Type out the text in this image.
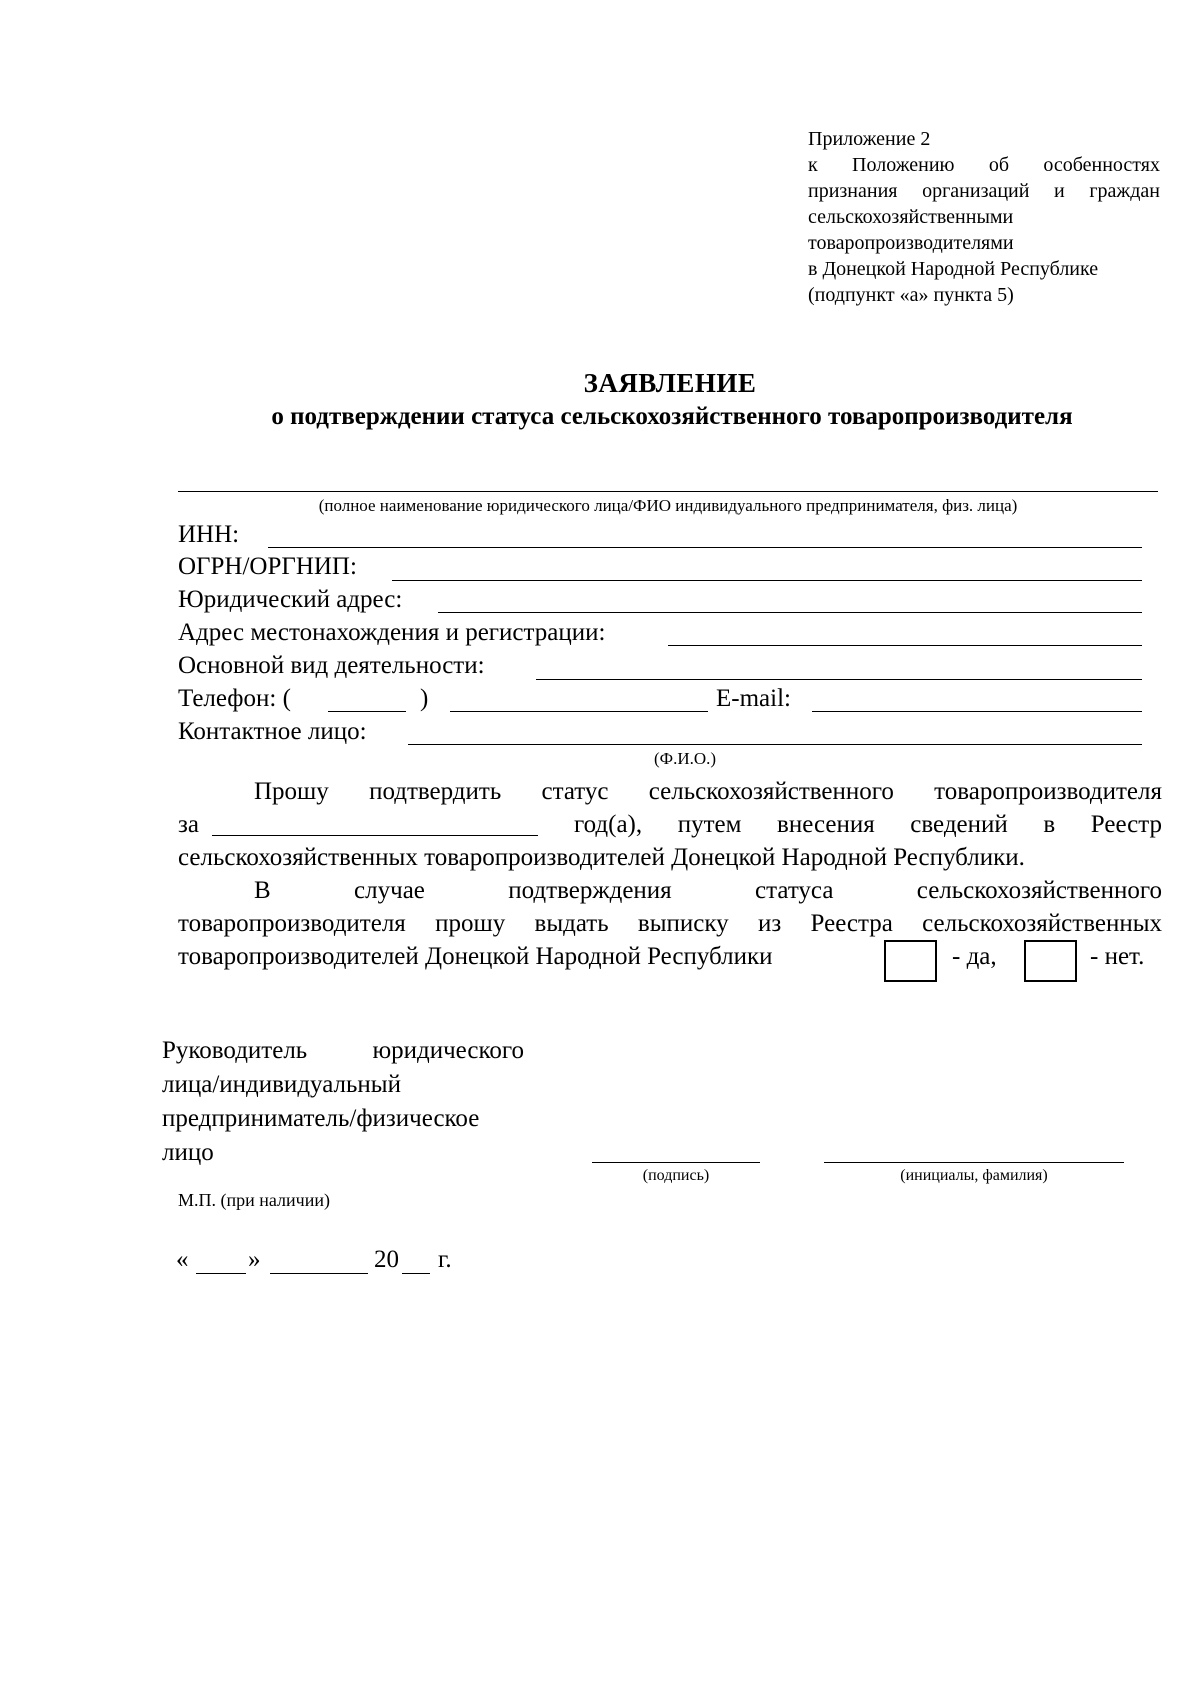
Приложение 2
к Положению об особенностях
признания организаций и граждан
сельскохозяйственными
товаропроизводителями
в Донецкой Народной Республике
(подпункт «а» пункта 5)
ЗАЯВЛЕНИЕ
о подтверждении статуса сельскохозяйственного товаропроизводителя
(полное наименование юридического лица/ФИО индивидуального предпринимателя, физ. лица)
ИНН:
ОГРН/ОРГНИП:
Юридический адрес:
Адрес местонахождения и регистрации:
Основной вид деятельности:
Телефон: (	)	E-mail:
Контактное лицо:
(Ф.И.О.)
Прошу подтвердить статус сельскохозяйственного товаропроизводителя
за	год(а), путем внесения сведений в Реестр
сельскохозяйственных товаропроизводителей Донецкой Народной Республики.
В случае подтверждения статуса сельскохозяйственного
товаропроизводителя прошу выдать выписку из Реестра сельскохозяйственных
товаропроизводителей Донецкой Народной Республики	- да,	- нет.
Руководитель юридического
лица/индивидуальный
предприниматель/физическое
лицо
(подпись)	(инициалы, фамилия)
М.П. (при наличии)
« »	20 г.
